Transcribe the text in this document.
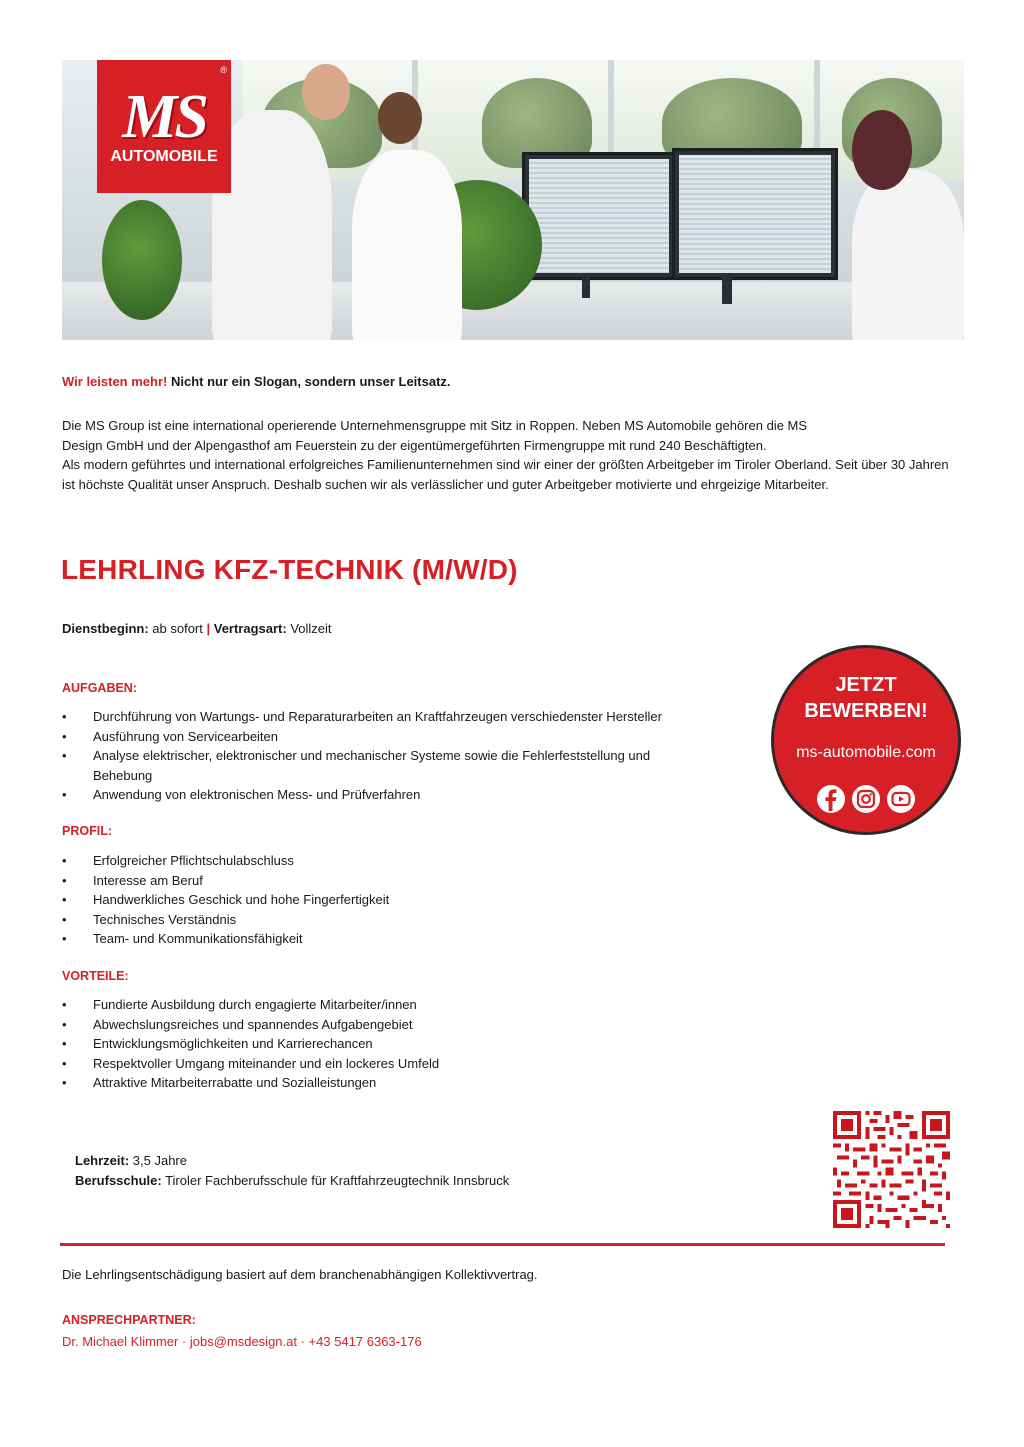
MS
AUTOMOBILE
®
Wir leisten mehr! Nicht nur ein Slogan, sondern unser Leitsatz.

Die MS Group ist eine international operierende Unternehmensgruppe mit Sitz in Roppen. Neben MS Automobile gehören die MS

Design GmbH und der Alpengasthof am Feuerstein zu der eigentümergeführten Firmengruppe mit rund 240 Beschäftigten.

Als modern geführtes und international erfolgreiches Familienunternehmen sind wir einer der größten Arbeitgeber im Tiroler Oberland. Seit über 30 Jahren ist höchste Qualität unser Anspruch. Deshalb suchen wir als verlässlicher und guter Arbeitgeber motivierte und ehrgeizige Mitarbeiter.

LEHRLING KFZ-TECHNIK (M/W/D)
Dienstbeginn: ab sofort | Vertragsart: Vollzeit
AUFGABEN:
• Durchführung von Wartungs- und Reparaturarbeiten an Kraftfahrzeugen verschiedenster Hersteller
• Ausführung von Servicearbeiten
• Analyse elektrischer, elektronischer und mechanischer Systeme sowie die Fehlerfeststellung und Behebung
• Anwendung von elektronischen Mess- und Prüfverfahren
PROFIL:
• Erfolgreicher Pflichtschulabschluss
• Interesse am Beruf
• Handwerkliches Geschick und hohe Fingerfertigkeit
• Technisches Verständnis
• Team- und Kommunikationsfähigkeit
VORTEILE:
• Fundierte Ausbildung durch engagierte Mitarbeiter/innen
• Abwechslungsreiches und spannendes Aufgabengebiet
• Entwicklungsmöglichkeiten und Karrierechancen
• Respektvoller Umgang miteinander und ein lockeres Umfeld
• Attraktive Mitarbeiterrabatte und Sozialleistungen
JETZT
BEWERBEN!
ms-automobile.com
Lehrzeit: 3,5 Jahre
Berufsschule: Tiroler Fachberufsschule für Kraftfahrzeugtechnik Innsbruck
Die Lehrlingsentschädigung basiert auf dem branchenabhängigen Kollektivvertrag.
ANSPRECHPARTNER:
Dr. Michael Klimmer · jobs@msdesign.at · +43 5417 6363-176
